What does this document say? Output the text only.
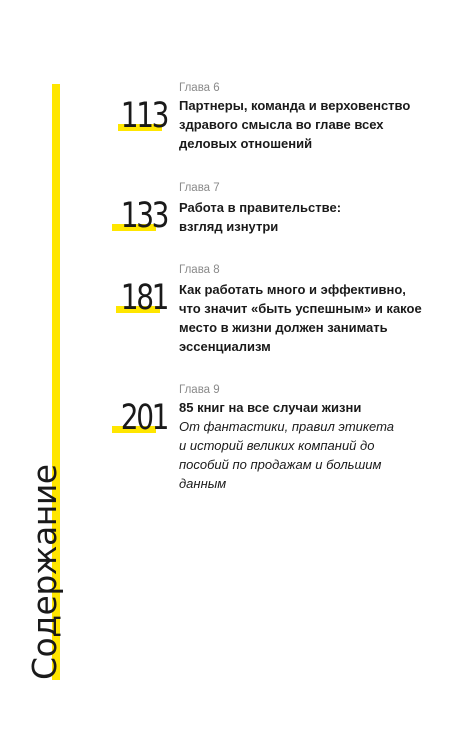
Содержание
113
Глава 6
Партнеры, команда и верховенство
здравого смысла во главе всех
деловых отношений
133
Глава 7
Работа в правительстве:
взгляд изнутри
181
Глава 8
Как работать много и эффективно,
что значит «быть успешным» и какое
место в жизни должен занимать
эссенциализм
201
Глава 9
85 книг на все случаи жизни
От фантастики, правил этикета
и историй великих компаний до
пособий по продажам и большим
данным
